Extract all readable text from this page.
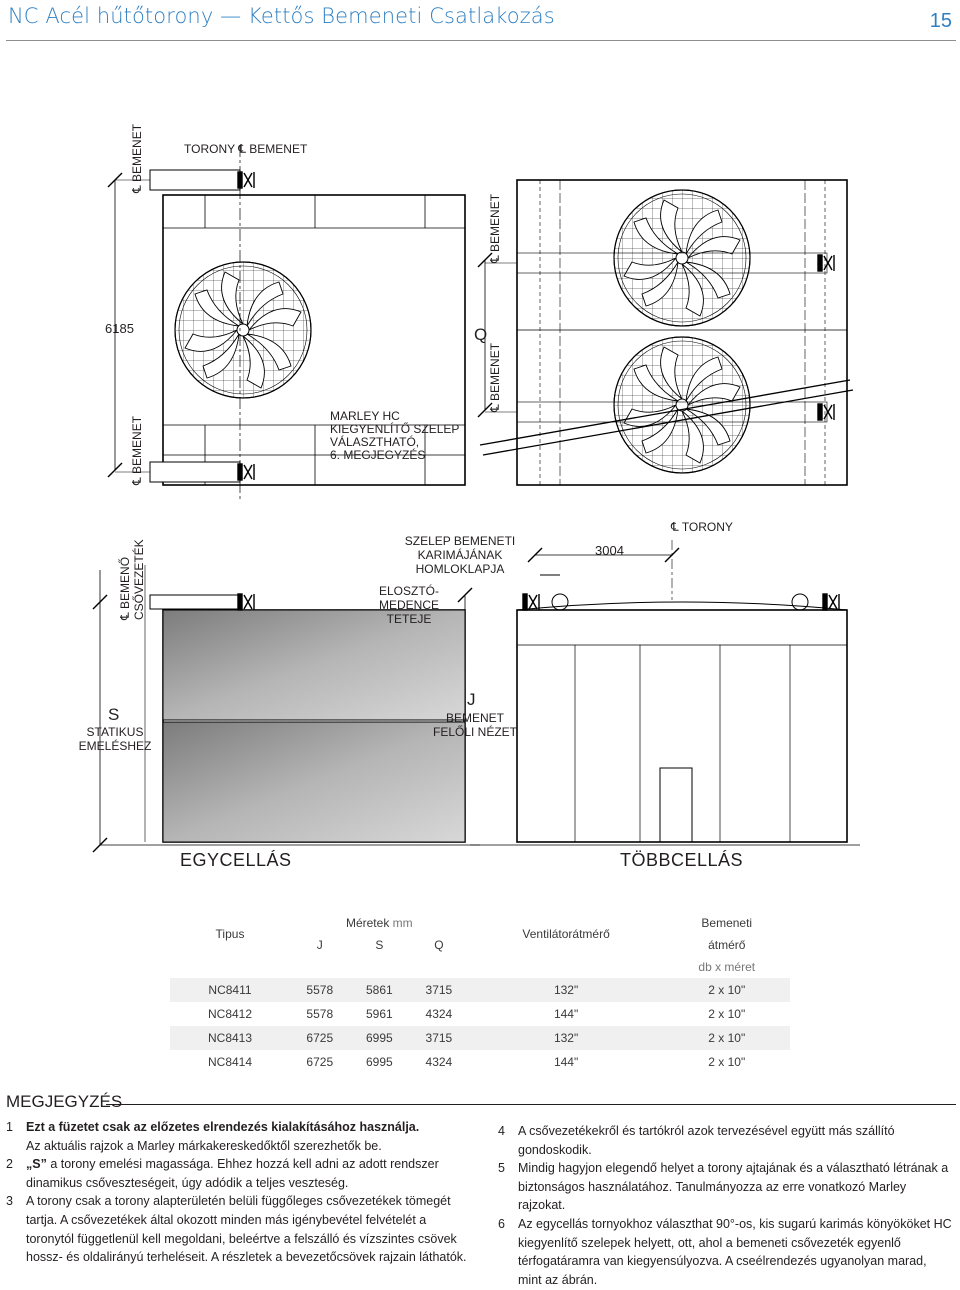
NC Acél hűtőtorony — Kettős Bemeneti Csatlakozás	15
℄ BEMENET	TORONY ℄ BEMENET
6185
℄ BEMENET	MARLEY HC
KIEGYENLÍTŐ SZELEP
VÁLASZTHATÓ,
6. MEGJEGYZÉS
Q
℄ BEMENET
℄ BEMENET
℄ BEMENŐ CSŐVEZETÉK	SZELEP BEMENETI
KARIMÁJÁNAK
HOMLOKLAPJA
ELOSZTÓ-
MEDENCE
TETEJE
3004
℄ TORONY
S
STATIKUS
EMELÉSHEZ
J
BEMENET
FELŐLI NÉZET
EGYCELLÁS	TÖBBCELLÁS
Tipus	Méretek mm			Ventilátorátmérő	Bemeneti
	J	S	Q		átmérő
					db x méret
NC8411	5578	5861	3715	132"	2 x 10"
NC8412	5578	5961	4324	144"	2 x 10"
NC8413	6725	6995	3715	132"	2 x 10"
NC8414	6725	6995	4324	144"	2 x 10"
MEGJEGYZÉS
1 Ezt a füzetet csak az előzetes elrendezés kialakításához használja.
Az aktuális rajzok a Marley márkakereskedőktől szerezhetők be.
2 „S” a torony emelési magassága. Ehhez hozzá kell adni az adott rendszer dinamikus csőveszteségeit, úgy adódik a teljes veszteség.
3 A torony csak a torony alapterületén belüli függőleges csővezetékek tömegét tartja. A csővezetékek által okozott minden más igénybevétel felvételét a toronytól függetlenül kell megoldani, beleértve a felszálló és vízszintes csövek hossz- és oldalirányú terheléseit. A részletek a bevezetőcsövek rajzain láthatók.
4 A csővezetékekről és tartókról azok tervezésével együtt más szállító gondoskodik.
5 Mindig hagyjon elegendő helyet a torony ajtajának és a választható létrának a biztonságos használatához. Tanulmányozza az erre vonatkozó Marley rajzokat.
6 Az egycellás tornyokhoz választhat 90°-os, kis sugarú karimás könyököket HC kiegyenlítő szelepek helyett, ott, ahol a bemeneti csővezeték egyenlő térfogatáramra van kiegyensúlyozva. A cseélrendezés ugyanolyan marad, mint az ábrán.
